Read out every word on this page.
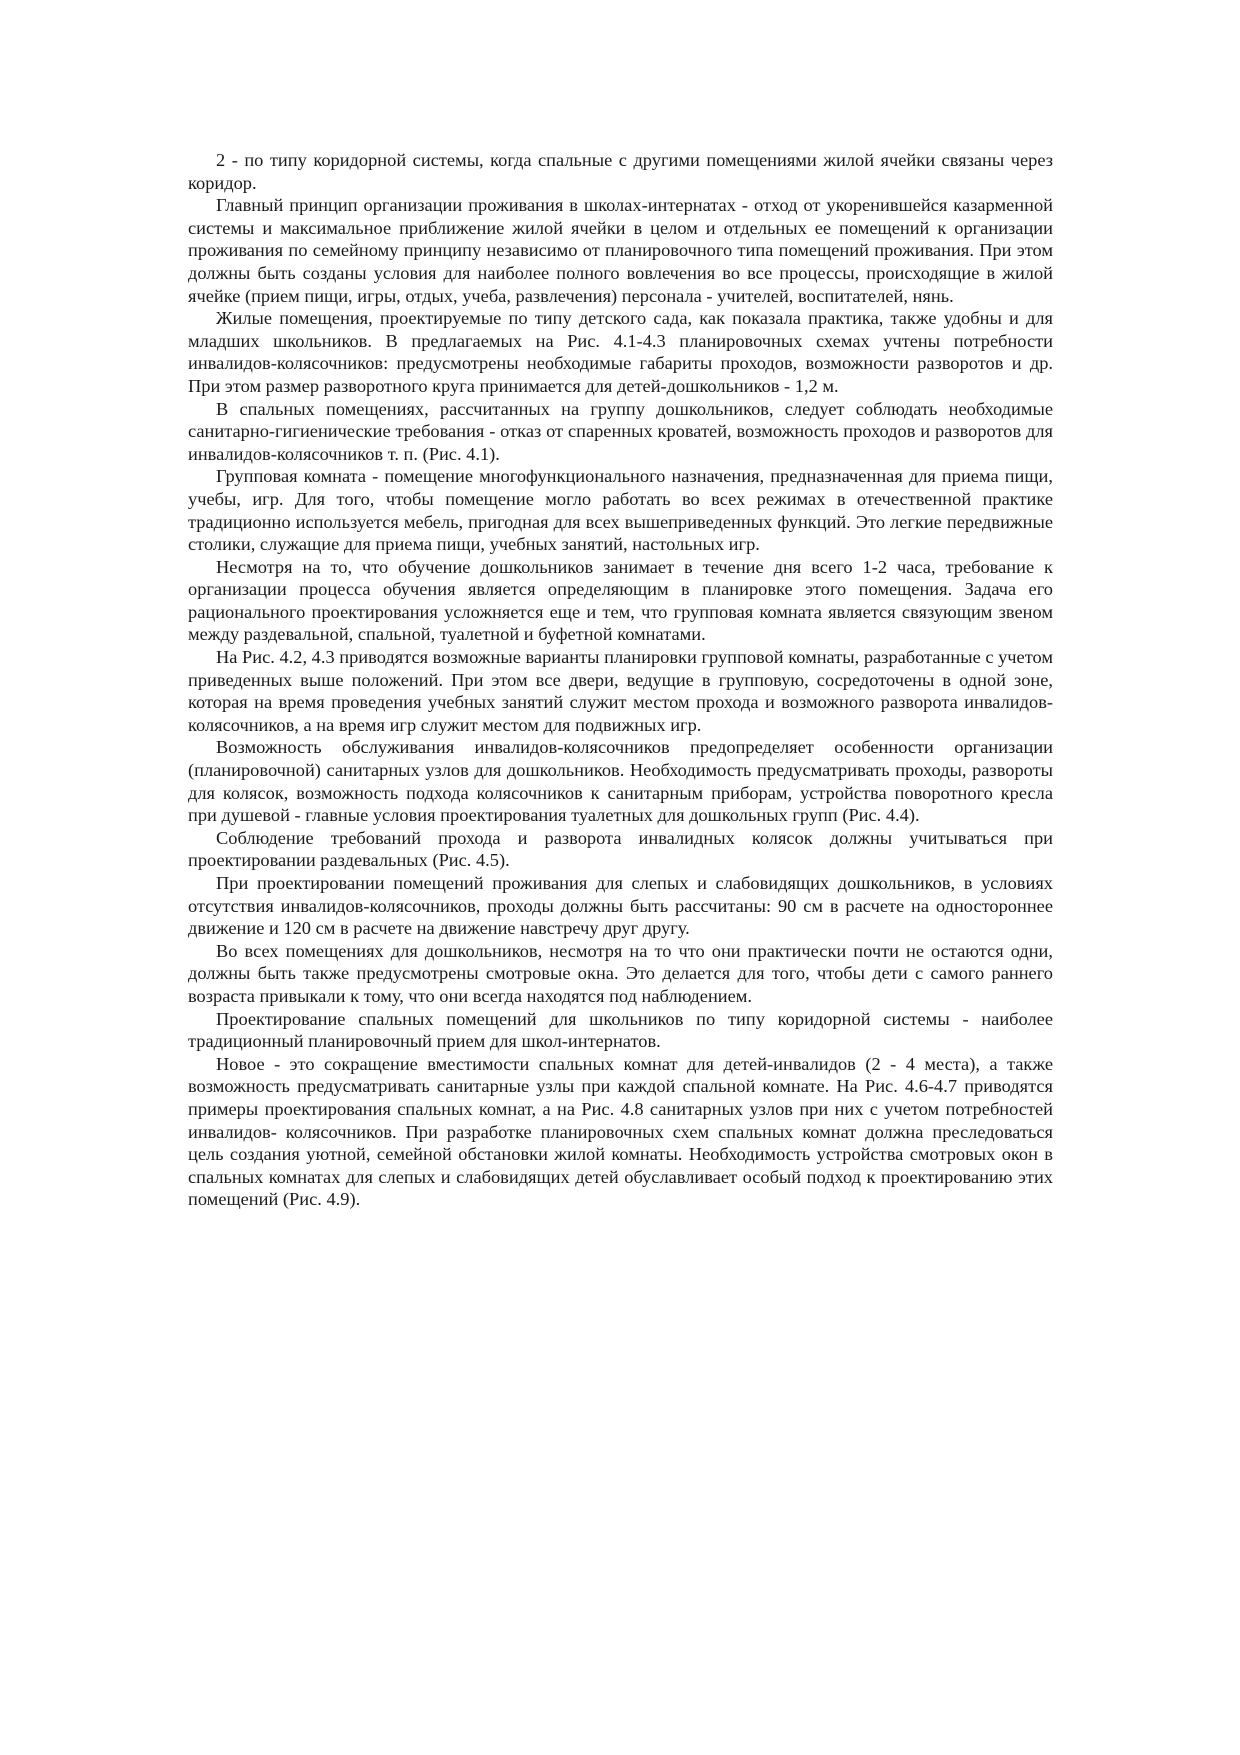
2 - по типу коридорной системы, когда спальные с другими помещениями жилой ячейки связаны через коридор.

Главный принцип организации проживания в школах-интернатах - отход от укоренившейся казарменной системы и максимальное приближение жилой ячейки в целом и отдельных ее помещений к организации проживания по семейному принципу независимо от планировочного типа помещений проживания. При этом должны быть созданы условия для наиболее полного вовлечения во все процессы, происходящие в жилой ячейке (прием пищи, игры, отдых, учеба, развлечения) персонала - учителей, воспитателей, нянь.

Жилые помещения, проектируемые по типу детского сада, как показала практика, также удобны и для младших школьников. В предлагаемых на Рис. 4.1-4.3 планировочных схемах учтены потребности инвалидов-колясочников: предусмотрены необходимые габариты проходов, возможности разворотов и др. При этом размер разворотного круга принимается для детей-дошкольников - 1,2 м.

В спальных помещениях, рассчитанных на группу дошкольников, следует соблюдать необходимые санитарно-гигиенические требования - отказ от спаренных кроватей, возможность проходов и разворотов для инвалидов-колясочников т. п. (Рис. 4.1).

Групповая комната - помещение многофункционального назначения, предназначенная для приема пищи, учебы, игр. Для того, чтобы помещение могло работать во всех режимах в отечественной практике традиционно используется мебель, пригодная для всех вышеприведенных функций. Это легкие передвижные столики, служащие для приема пищи, учебных занятий, настольных игр.

Несмотря на то, что обучение дошкольников занимает в течение дня всего 1-2 часа, требование к организации процесса обучения является определяющим в планировке этого помещения. Задача его рационального проектирования усложняется еще и тем, что групповая комната является связующим звеном между раздевальной, спальной, туалетной и буфетной комнатами.

На Рис. 4.2, 4.3 приводятся возможные варианты планировки групповой комнаты, разработанные с учетом приведенных выше положений. При этом все двери, ведущие в групповую, сосредоточены в одной зоне, которая на время проведения учебных занятий служит местом прохода и возможного разворота инвалидов-колясочников, а на время игр служит местом для подвижных игр.

Возможность обслуживания инвалидов-колясочников предопределяет особенности организации (планировочной) санитарных узлов для дошкольников. Необходимость предусматривать проходы, развороты для колясок, возможность подхода колясочников к санитарным приборам, устройства поворотного кресла при душевой - главные условия проектирования туалетных для дошкольных групп (Рис. 4.4).

Соблюдение требований прохода и разворота инвалидных колясок должны учитываться при проектировании раздевальных (Рис. 4.5).

При проектировании помещений проживания для слепых и слабовидящих дошкольников, в условиях отсутствия инвалидов-колясочников, проходы должны быть рассчитаны: 90 см в расчете на одностороннее движение и 120 см в расчете на движение навстречу друг другу.

Во всех помещениях для дошкольников, несмотря на то что они практически почти не остаются одни, должны быть также предусмотрены смотровые окна. Это делается для того, чтобы дети с самого раннего возраста привыкали к тому, что они всегда находятся под наблюдением.

Проектирование спальных помещений для школьников по типу коридорной системы - наиболее традиционный планировочный прием для школ-интернатов.

Новое - это сокращение вместимости спальных комнат для детей-инвалидов (2 - 4 места), а также возможность предусматривать санитарные узлы при каждой спальной комнате. На Рис. 4.6-4.7 приводятся примеры проектирования спальных комнат, а на Рис. 4.8 санитарных узлов при них с учетом потребностей инвалидов- колясочников. При разработке планировочных схем спальных комнат должна преследоваться цель создания уютной, семейной обстановки жилой комнаты. Необходимость устройства смотровых окон в спальных комнатах для слепых и слабовидящих детей обуславливает особый подход к проектированию этих помещений (Рис. 4.9).
